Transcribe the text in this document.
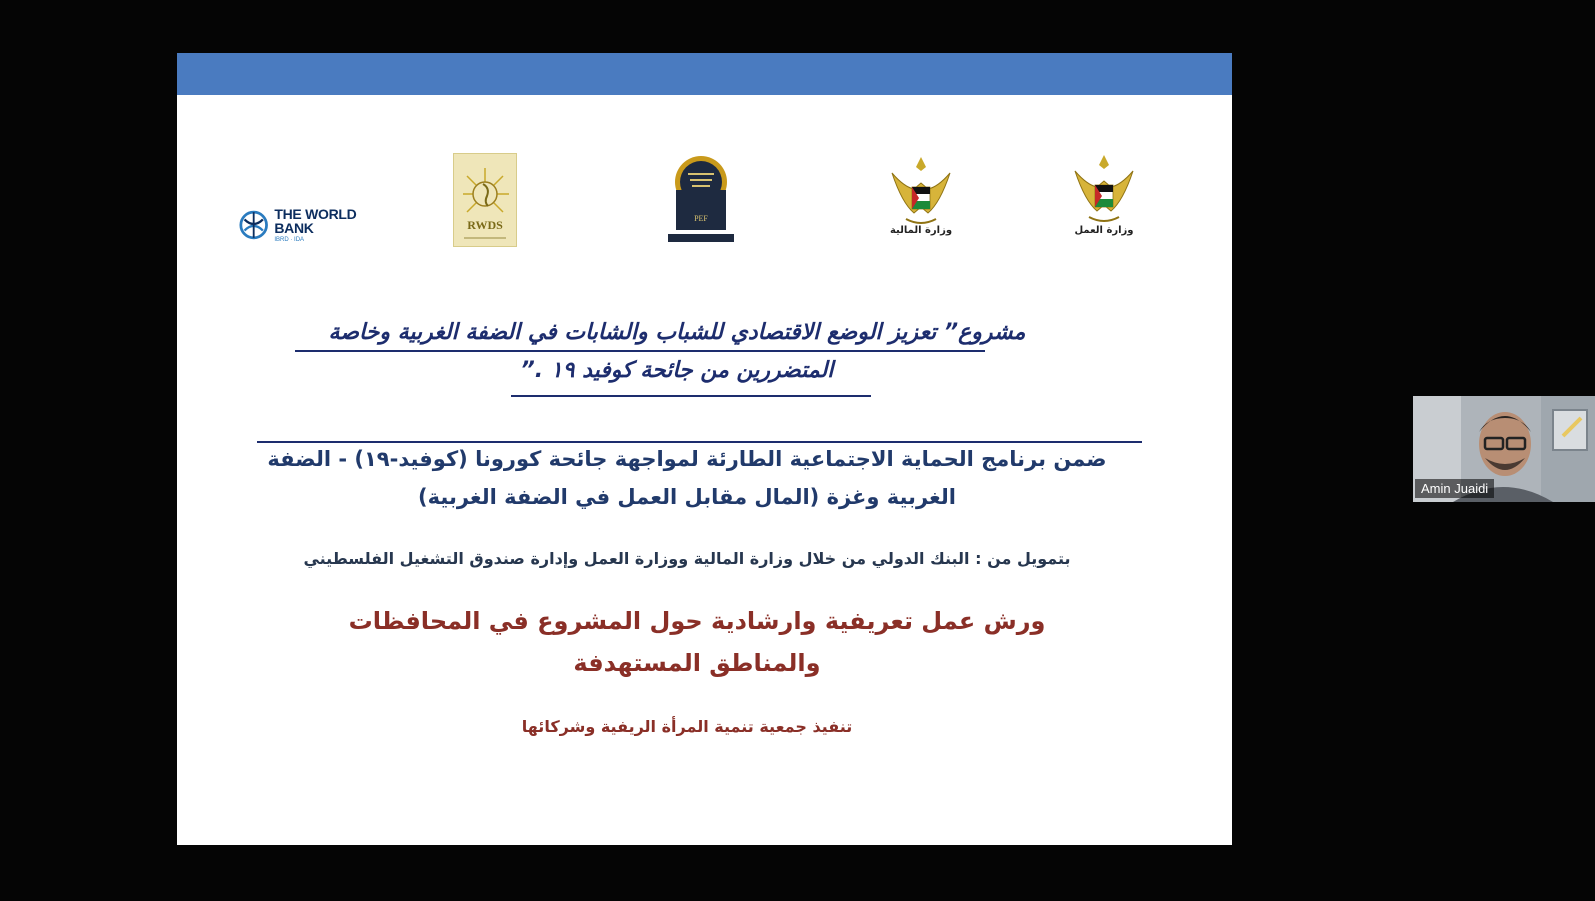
THE WORLD BANK
IBRD · IDA
RWDS	PEF
وزارة المالية	وزارة العمل
مشروع” تعزيز الوضع الاقتصادي للشباب والشابات في الضفة الغربية وخاصة
المتضررين من جائحة كوفيد ١٩ .”
ضمن برنامج الحماية الاجتماعية الطارئة لمواجهة جائحة كورونا (كوفيد-١٩) - الضفة
الغربية وغزة (المال مقابل العمل في الضفة الغربية)
بتمويل من : البنك الدولي من خلال وزارة المالية ووزارة العمل وإدارة صندوق التشغيل الفلسطيني
ورش عمل تعريفية وارشادية حول المشروع في المحافظات
والمناطق المستهدفة
تنفيذ جمعية تنمية المرأة الريفية وشركائها
Amin Juaidi
